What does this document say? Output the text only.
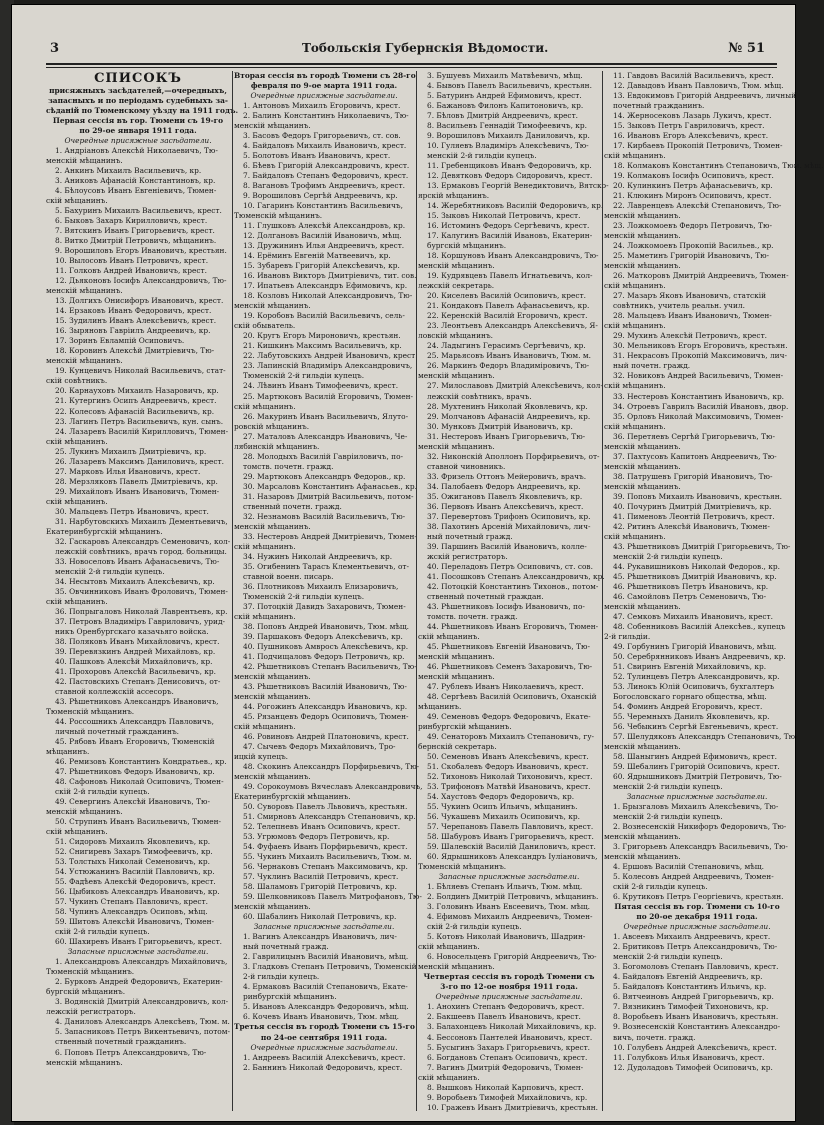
3	Тобольскія Губернскія Вѣдомости.	№ 51

СПИСОКЪ

присяжныхъ засѣдателей,—очередныхъ,

запасныхъ и по періодамъ судебныхъ за-

сѣданій по Тюменскому уѣзду на 1911 годъ.

Первая сессія въ гор. Тюмени съ 19-го

по 29-ое января 1911 года.

Очередные присяжные засѣдатели.

1. Андріановъ Алексѣй Николаевичъ, Тю-

менскій мѣщанинъ.

2. Анкинъ Михаилъ Васильевичъ, кр.

3. Аниковъ Афанасій Константиновъ, кр.

4. Бѣлоусовъ Иванъ Евгеніевичъ, Тюмен-

скій мѣщанинъ.

5. Бахуринъ Михаилъ Васильевичъ, крест.

6. Быковъ Захаръ Кирилловичъ, крест.

7. Вятскинъ Иванъ Григорьевичъ, крест.

8. Витко Дмитрій Петровичъ, мѣщанинъ.

9. Ворошиловъ Егоръ Ивановичъ, крестьян.

10. Вылосовъ Иванъ Петровичъ, крест.

11. Голковъ Андрей Ивановичъ, крест.

12. Дьяконовъ Іосифъ Александровичъ, Тю-

менскій мѣщанинъ.

13. Долгихъ Онисифоръ Ивановичъ, крест.

14. Ерзаковъ Иванъ Федоровичъ, крест.

15. Зудилинъ Иванъ Алексѣевичъ, крест.

16. Зыряновъ Гавріилъ Андреевичъ, кр.

17. Зоринъ Евлампій Осиповичъ.

18. Коровинъ Алексѣй Дмитріевичъ, Тю-

менскій мѣщанинъ.

19. Кунцевичъ Николай Васильевичъ, стат-

скій совѣтникъ.

20. Карнауховъ Михаилъ Назаровичъ, кр.

21. Кутергинъ Осипъ Андреевичъ, крест.

22. Колесовъ Афанасій Васильевичъ, кр.

23. Лагинъ Петръ Васильевичъ, кун. сынъ.

24. Лазаревъ Василій Кирилловичъ, Тюмен-

скій мѣщанинъ.

25. Лукинъ Михаилъ Дмитріевичъ, кр.

26. Лазаревъ Максимъ Даниловичъ, крест.

27. Марковъ Илья Ивановичъ, крест.

28. Мерзляковъ Павелъ Дмитріевичъ, кр.

29. Михайловъ Иванъ Ивановичъ, Тюмен-

скій мѣщанинъ.

30. Мальцевъ Петръ Ивановичъ, крест.

31. Нарбутовскихъ Михаилъ Дементьевичъ,

Екатеринбургскій мѣщанинъ.

32. Гаскаровъ Александръ Семеновичъ, кол-

лежскій совѣтникъ, врачъ город. больницы.

33. Новоселовъ Иванъ Афанасьевичъ, Тю-

менскій 2-й гильдіи купецъ.

34. Несытовъ Михаилъ Алексѣевичъ, кр.

35. Овчинниковъ Иванъ Фроловичъ, Тюмен-

скій мѣщанинъ.

36. Попрыгаловъ Николай Лаврентьевъ, кр.

37. Петровъ Владиміръ Гавриловичъ, урид-

никъ Оренбургскаго казачьяго войска.

38. Поляковъ Иванъ Михайловичъ, крест.

39. Перевязкинъ Андрей Михайловъ, кр.

40. Пашковъ Алексѣй Михайловичъ, кр.

41. Прохоровъ Алексѣй Васильевичъ, кр.

42. Пастовскихъ Степанъ Денисовичъ, от-

ставной коллежскій ассесоръ.

43. Рѣшетниковъ Александръ Ивановичъ,

Тюменскій мѣщанинъ.

44. Россошникъ Александръ Павловичъ,

личный почетный гражданинъ.

45. Рябовъ Иванъ Егоровичъ, Тюменскій

мѣщанинъ.

46. Ремизовъ Константинъ Кондратьев., кр.

47. Рѣшетниковъ Федоръ Ивановичъ, кр.

48. Сафоновъ Николай Осиповичъ, Тюмен-

скій 2-й гильдіи купецъ.

49. Севергинъ Алексѣй Ивановичъ, Тю-

менскій мѣщанинъ.

50. Струпинъ Иванъ Васильевичъ, Тюмен-

скій мѣщанинъ.

51. Сидоровъ Михаилъ Яковлевичъ, кр.

52. Снигиревъ Захаръ Тимофеевичъ, кр.

53. Толстыхъ Николай Семеновичъ, кр.

54. Устюжанинъ Василій Павловичъ, кр.

55. Фадѣевъ Алексѣй Федоровичъ, крест.

56. Цыбиковъ Александръ Ивановичъ, кр.

57. Чукинъ Степанъ Павловичъ, крест.

58. Чупинъ Александръ Осиповъ, мѣщ.

59. Шитовъ Алексѣй Ивановичъ, Тюмен-

скій 2-й гильдіи купецъ.

60. Шахиревъ Иванъ Григорьевичъ, крест.

Запасные присяжные засѣдатели.

1. Александровъ Александръ Михайловичъ,

Тюменскій мѣщанинъ.

2. Бурковъ Андрей Федоровичъ, Екатерин-

бургскій мѣщанинъ.

3. Водянскій Дмитрій Александровичъ, кол-

лежскій регистраторъ.

4. Даниловъ Александръ Алексѣевъ, Тюм. м.

5. Запасниковъ Петръ Викентьевичъ, потом-

ственный почетный гражданинъ.

6. Поповъ Петръ Александровичъ, Тю-

менскій мѣщанинъ.

Вторая сессія въ городѣ Тюмени съ 28-го

февраля по 9-ое марта 1911 года.

Очередные присяжные засѣдатели.

1. Антоновъ Михаилъ Егоровичъ, крест.

2. Балинъ Константинъ Николаевичъ, Тю-

менскій мѣщанинъ.

3. Басовъ Федоръ Григорьевичъ, ст. сов.

4. Байдаловъ Михаилъ Ивановичъ, крест.

5. Болотовъ Иванъ Ивановичъ, крест.

6. Бѣевъ Григорій Александровичъ, крест.

7. Байдаловъ Степанъ Федоровичъ, крест.

8. Вагановъ Трофимъ Андреевичъ, крест.

9. Ворошиловъ Сергѣй Андреевичъ, кр.

10. Гагаринъ Константинъ Васильевичъ,

Тюменскій мѣщанинъ.

11. Глушковъ Алексѣй Александровъ, кр.

12. Долгановъ Василій Ивановичъ, мѣщ.

13. Дружининъ Илья Андреевичъ, крест.

14. Ерёминъ Евгеній Матвеевичъ, кр.

15. Зубаревъ Григорій Алексѣевичъ, кр.

16. Ивановъ Викторъ Дмитріевичъ, тит. сов.

17. Ипатьевъ Александръ Ефимовичъ, кр.

18. Козловъ Николай Александровичъ, Тю-

менскій мѣщанинъ.

19. Коробовъ Василій Васильевичъ, сель-

скій обыватель.

20. Кругъ Егоръ Мироновичъ, крестьян.

21. Кишкинъ Максимъ Васильевичъ, кр.

22. Лабутовскихъ Андрей Ивановичъ, крест.

23. Лапинскій Владиміръ Александровичъ,

Тюменскій 2-й гильдіи купецъ.

24. Лѣвинъ Иванъ Тимофеевичъ, крест.

25. Мартюковъ Василій Егоровичъ, Тюмен-

скій мѣщанинъ.

26. Макуринъ Иванъ Васильевичъ, Ялуто-

ровскій мѣщанинъ.

27. Маталовъ Александръ Ивановичъ, Че-

лябинскій мѣщанинъ.

28. Молодыхъ Василій Гавріиловичъ, по-

томств. почетн. гражд.

29. Мартюковъ Александръ Федоров., кр.

30. Марсаловъ Константинъ Афанасьев., кр.

31. Назаровъ Дмитрій Васильевичъ, потом-

ственный почетн. гражд.

32. Незнамовъ Василій Васильевичъ, Тю-

менскій мѣщанинъ.

33. Нестеровъ Андрей Дмитріевичъ, Тюмен-

скій мѣщанинъ.

34. Нужинъ Николай Андреевичъ, кр.

35. Огибенинъ Тарасъ Клементьевичъ, от-

ставной военн. писарь.

36. Плотниковъ Михаилъ Елизаровичъ,

Тюменскій 2-й гильдіи купецъ.

37. Потоцкій Давидъ Захаровичъ, Тюмен-

скій мѣщанинъ.

38. Поповъ Андрей Ивановичъ, Тюм. мѣщ.

39. Паршаковъ Федоръ Алексѣевичъ, кр.

40. Пушниковъ Амвросъ Алексѣевичъ, кр.

41. Подчищаловъ Федоръ Петровичъ, кр.

42. Рѣшетниковъ Степанъ Васильевичъ, Тю-

менскій мѣщанинъ.

43. Рѣшетниковъ Василій Ивановичъ, Тю-

менскій мѣщанинъ.

44. Рогожинъ Александръ Ивановичъ, кр.

45. Рязанцевъ Федоръ Осиповичъ, Тюмен-

скій мѣщанинъ.

46. Ровиновъ Андрей Платоновичъ, крест.

47. Сычевъ Федоръ Михайловичъ, Тро-

ицкій купецъ.

48. Скокинъ Александръ Порфирьевичъ, Тю-

менскій мѣщанинъ.

49. Сорокоумовъ Вячеславъ Александровичъ,

Екатеринбургскій мѣщанинъ.

50. Суворовъ Павелъ Львовичъ, крестьян.

51. Смирновъ Александръ Степановичъ, кр.

52. Телепневъ Иванъ Осиповичъ, крест.

53. Угрюмовъ Федоръ Петровичъ, кр.

54. Фуфаевъ Иванъ Порфирьевичъ, крест.

55. Чукинъ Михаилъ Васильевичъ, Тюм. м.

56. Чернаковъ Степанъ Максимовичъ, кр.

57. Чуклинъ Василій Петровичъ, крест.

58. Шаламовъ Григорій Петровичъ, кр.

59. Шелковниковъ Павелъ Митрофановъ, Тю-

менскій мѣщанинъ.

60. Шабалинъ Николай Петровичъ, кр.

Запасные присяжные засѣдатели.

1. Вагинъ Александръ Ивановичъ, лич-

ный почетный гражд.

2. Гаврилицынъ Василій Ивановичъ, мѣщ.

3. Гладковъ Степанъ Петровичъ, Тюменскій

2-й гильдіи купецъ.

4. Ермаковъ Василій Степановичъ, Екате-

ринбургскій мѣщанинъ.

5. Ивановъ Александръ Федоровичъ, мѣщ.

6. Кочевъ Иванъ Ивановичъ, Тюм. мѣщ.

Третья сессія въ городѣ Тюмени съ 15-го

по 24-ое сентября 1911 года.

Очередные присяжные засѣдатели.

1. Андреевъ Василій Алексѣевичъ, крест.

2. Баннинъ Николай Федоровичъ, крест.

3. Бушуевъ Михаилъ Матвѣевичъ, мѣщ.

4. Бывовъ Павелъ Васильевичъ, крестьян.

5. Батуринъ Андрей Ефимовичъ, крест.

6. Бажановъ Филонъ Капитоновичъ, кр.

7. Бѣловъ Дмитрій Андреевичъ, крест.

8. Васильевъ Геннадій Тимофеевичъ, кр.

9. Ворошиловъ Михаилъ Даниловичъ, кр.

10. Гуляевъ Владиміръ Алексѣевичъ, Тю-

менскій 2-й гильдіи купецъ.

11. Гребенщиковъ Иванъ Федоровичъ, кр.

12. Девятковъ Федоръ Сидоровичъ, крест.

13. Ермаковъ Георгій Венедиктовичъ, Вятско-

ярскій мѣщанинъ.

14. Жеребятниковъ Василій Федоровичъ, кр.

15. Зыковъ Николай Петровичъ, крест.

16. Истоминъ Федоръ Сергѣевичъ, крест.

17. Калугинъ Василій Ивановъ, Екатерин-

бургскій мѣщанинъ.

18. Коршуновъ Иванъ Александровичъ, Тю-

менскій мѣщанинъ.

19. Кудрявцевъ Павелъ Игнатьевичъ, кол-

лежскій секретарь.

20. Киселевъ Василій Осиповичъ, крест.

21. Кондаковъ Павелъ Афанасьевичъ, кр.

22. Керенскій Василій Егоровичъ, крест.

23. Леонтьевъ Александръ Алексѣевичъ, Я-

ловскій мѣщанинъ.

24. Ладыгинъ Герасимъ Сергѣевичъ, кр.

25. Марьясовъ Иванъ Ивановичъ, Тюм. м.

26. Маркинъ Федоръ Владиміровичъ, Тю-

менскій мѣщанинъ.

27. Милославовъ Дмитрій Алексѣевичъ, кол-

лежскій совѣтникъ, врачъ.

28. Мухтенинъ Николай Яковлевичъ, кр.

29. Молчановъ Афанасій Андреевичъ, кр.

30. Мунковъ Дмитрій Ивановичъ, кр.

31. Нестеровъ Иванъ Григорьевичъ, Тю-

менскій мѣщанинъ.

32. Никонскій Аполлонъ Порфирьевичъ, от-

ставной чиновникъ.

33. Фризель Оттонъ Мейеровичъ, врачъ.

34. Палобаевъ Федоръ Андреевичъ, кр.

35. Ожигановъ Павелъ Яковлевичъ, кр.

36. Первовъ Иванъ Алексѣевичъ, крест.

37. Перевертовъ Трифонъ Осиповичъ, кр.

38. Пахотинъ Арсеній Михайловичъ, лич-

ный почетный гражд.

39. Паршинъ Василій Ивановичъ, колле-

жскій регистраторъ.

40. Переладовъ Петръ Осиповичъ, ст. сов.

41. Посошковъ Степанъ Александровичъ, кр.

42. Потоцкій Константинъ Тихонов., потом-

ственный почетный граждан.

43. Рѣшетниковъ Іосифъ Ивановичъ, по-

томств. почетн. гражд.

44. Рѣшетниковъ Иванъ Егоровичъ, Тюмен-

скій мѣщанинъ.

45. Рѣшетниковъ Евгеній Ивановичъ, Тю-

менскій мѣщанинъ.

46. Рѣшетниковъ Семенъ Захаровичъ, Тю-

менскій мѣщанинъ.

47. Рублевъ Иванъ Николаевичъ, крест.

48. Сергѣевъ Василій Осиповичъ, Оханскій

мѣщанинъ.

49. Семеновъ Федоръ Федоровичъ, Екате-

ринбургскій мѣщанинъ.

49. Сенаторовъ Михаилъ Степановичъ, гу-

бернскій секретарь.

50. Семеновъ Иванъ Алексѣевичъ, крест.

51. Скобалевъ Федоръ Ивановичъ, крест.

52. Тихоновъ Николай Тихоновичъ, крест.

53. Трифоновъ Матвѣй Ивановичъ, крест.

54. Хаустовъ Федоръ Федоровичъ, кр.

55. Чукинъ Осипъ Ильичъ, мѣщанинъ.

56. Чукашевъ Михаилъ Осиповичъ, кр.

57. Черепановъ Павелъ Павловичъ, крест.

58. Шабуровъ Иванъ Григорьевичъ, крест.

59. Шалевскій Василій Даниловичъ, крест.

60. Ядрышниковъ Александръ Іуліановичъ,

Тюменскій мѣщанинъ.

Запасные присяжные засѣдатели.

1. Бѣляевъ Степанъ Ильичъ, Тюм. мѣщ.

2. Болдинъ Дмитрій Петровичъ, мѣщанинъ.

3. Головинъ Иванъ Евсеевичъ, Тюм. мѣщ.

4. Ефимовъ Михаилъ Андреевичъ, Тюмен-

скій 2-й гильдіи купецъ.

5. Котовъ Николай Ивановичъ, Шадрин-

скій мѣщанинъ.

6. Новосельцевъ Григорій Андреевичъ, Тю-

менскій мѣщанинъ.

Четвертая сессія въ городѣ Тюмени съ

3-го по 12-ое ноября 1911 года.

Очередные присяжные засѣдатели.

1. Анохинъ Степанъ Федоровичъ, крест.

2. Бакшеевъ Павелъ Ивановичъ, крест.

3. Балахонцевъ Николай Михайловичъ, кр.

4. Бессоновъ Пантелей Ивановичъ, крест.

5. Бусыгинъ Захаръ Григорьевичъ, крест.

6. Богдановъ Степанъ Осиповичъ, крест.

7. Вагинъ Дмитрій Федоровичъ, Тюмен-

скій мѣщанинъ.

8. Вышковъ Николай Карповичъ, крест.

9. Воробьевъ Тимофей Михайловичъ, кр.

10. Гражевъ Иванъ Дмитріевичъ, крестьян.

11. Гавдовъ Василій Васильевичъ, крест.

12. Давыдовъ Иванъ Павловичъ, Тюм. мѣщ.

13. Евдокимовъ Григорій Андреевичъ, личный

почетный гражданинъ.

14. Жерносековъ Лазарь Лукичъ, крест.

15. Зыковъ Петръ Гавриловичъ, крест.

16. Ивановъ Егоръ Алексѣевичъ, крест.

17. Кирбаевъ Прокопій Петровичъ, Тюмен-

скій мѣщанинъ.

18. Колмаковъ Константинъ Степановичъ, Тюм. мѣщ.

19. Колмаковъ Іосифъ Осиповичъ, крест.

20. Кулинкинъ Петръ Афанасьевичъ, кр.

21. Клюкинъ Миронъ Осиповичъ, крест.

22. Лавренцевъ Алексѣй Степановичъ, Тю-

менскій мѣщанинъ.

23. Ложкомоевъ Федоръ Петровичъ, Тю-

менскій мѣщанинъ.

24. Ложкомоевъ Прокопій Васильев., кр.

25. Маметинъ Григорій Ивановичъ, Тю-

менскій мѣщанинъ.

26. Маткоровъ Дмитрій Андреевичъ, Тюмен-

скій мѣщанинъ.

27. Мазаръ Яковъ Ивановичъ, статскій

совѣтникъ, учитель реальн. учил.

28. Мальцевъ Иванъ Ивановичъ, Тюмен-

скій мѣщанинъ.

29. Мухинъ Алексѣй Петровичъ, крест.

30. Мельниковъ Егоръ Егоровичъ, крестьян.

31. Некрасовъ Прокопій Максимовичъ, лич-

ный почетн. гражд.

32. Новиковъ Андрей Васильевичъ, Тюмен-

скій мѣщанинъ.

33. Нестеровъ Константинъ Ивановичъ, кр.

34. Отроевъ Гаврилъ Василій Ивановъ, двор.

35. Орловъ Николай Максимовичъ, Тюмен-

скій мѣщанинъ.

36. Перетяевъ Сергѣй Григорьевичъ, Тю-

менскій мѣщанинъ.

37. Пахтусовъ Капитонъ Андреевичъ, Тю-

менскій мѣщанинъ.

38. Патрушевъ Григорій Ивановичъ, Тю-

менскій мѣщанинъ.

39. Поповъ Михаилъ Ивановичъ, крестьян.

40. Почуринъ Дмитрій Дмитріевичъ, кр.

41. Пименовъ Леонтій Петровичъ, крест.

42. Ритинъ Алексѣй Ивановичъ, Тюмен-

скій мѣщанинъ.

43. Рѣшетниковъ Дмитрій Григорьевичъ, Тю-

менскій 2-й гильдіи купецъ.

44. Рукавишниковъ Николай Федоров., кр.

45. Рѣшетниковъ Дмитрій Ивановичъ, кр.

46. Рѣшетниковъ Петръ Ивановичъ, кр.

46. Самойловъ Петръ Семеновичъ, Тю-

менскій мѣщанинъ.

47. Семковъ Михаилъ Ивановичъ, крест.

48. Собенниковъ Василій Алексѣев., купецъ

2-й гильдіи.

49. Горбунинъ Григорій Ивановичъ, мѣщ.

50. Серебрянниковъ Иванъ Андреевичъ, кр.

51. Свиринъ Евгеній Михайловичъ, кр.

52. Тулинцевъ Петръ Александровичъ, кр.

53. Линокъ Юлій Осиповичъ, бухгалтеръ

Богословскаго горнаго общества, мѣщ.

54. Фоминъ Андрей Егоровичъ, крест.

55. Черемныхъ Данилъ Яковлевичъ, кр.

56. Чебыкинъ Сергѣй Евгеньевичъ, крест.

57. Шелудяковъ Александръ Степановичъ, Тю-

менскій мѣщанинъ.

58. Шаныгинъ Андрей Ефимовичъ, крест.

59. Шебалинъ Григорій Осиповичъ, крест.

60. Ядрышниковъ Дмитрій Петровичъ, Тю-

менскій 2-й гильдіи купецъ.

Запасные присяжные засѣдатели.

1. Брызгаловъ Михаилъ Алексѣевичъ, Тю-

менскій 2-й гильдіи купецъ.

2. Вознесенскій Никифоръ Федоровичъ, Тю-

менскій мѣщанинъ.

3. Григорьевъ Александръ Васильевичъ, Тю-

менскій мѣщанинъ.

4. Ершовъ Василій Степановичъ, мѣщ.

5. Колесовъ Андрей Андреевичъ, Тюмен-

скій 2-й гильдіи купецъ.

6. Крутиковъ Петръ Георгіевичъ, крестьян.

Пятая сессія въ гор. Тюмени съ 10-го

по 20-ое декабря 1911 года.

Очередные присяжные засѣдатели.

1. Авсеевъ Михаилъ Андреевичъ, крест.

2. Бритиковъ Петръ Александровичъ, Тю-

менскій 2-й гильдіи купецъ.

3. Богомоловъ Степанъ Павловичъ, крест.

4. Байдаловъ Евгеній Андреевичъ, кр.

5. Байдаловъ Константинъ Ильичъ, кр.

6. Вятчеиновъ Андрей Григорьевичъ, кр.

7. Вязникинъ Тимофей Тихоновичъ, кр.

8. Воробьевъ Иванъ Ивановичъ, крестьян.

9. Вознесенскій Константинъ Александро-

вичъ, почетн. гражд.

10. Голубевъ Андрей Алексѣевичъ, крест.

11. Голубковъ Илья Ивановичъ, крест.

12. Дудоладовъ Тимофей Осиповичъ, кр.
